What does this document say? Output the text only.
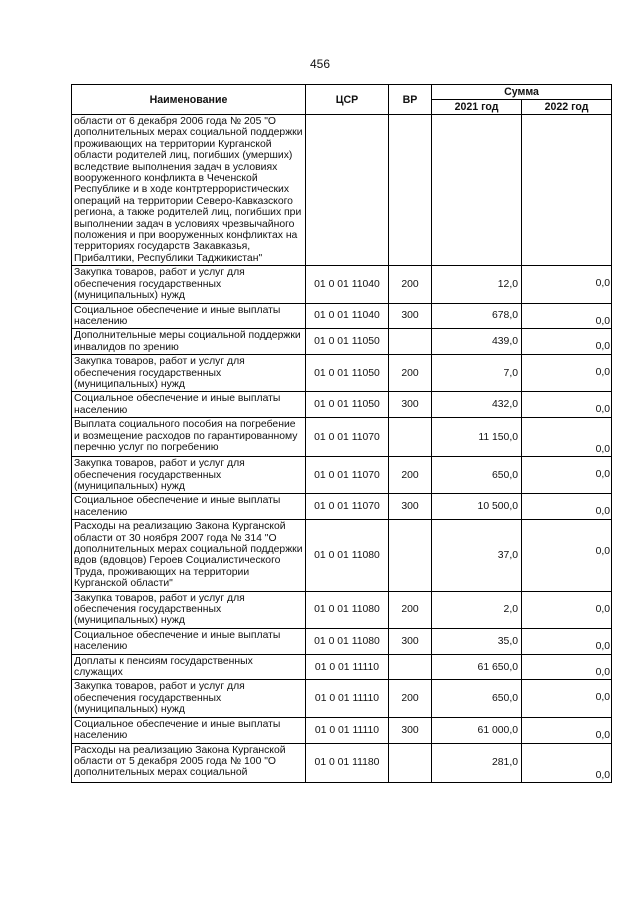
456
Наименование	ЦСР	ВР	Сумма	
			2021 год	2022 год
области от 6 декабря 2006 года № 205 "О дополнительных мерах социальной поддержки проживающих на территории Курганской области родителей лиц, погибших (умерших) вследствие выполнения задач в условиях вооруженного конфликта в Чеченской Республике и в ходе контртеррористических операций на территории Северо-Кавказского региона, а также родителей лиц, погибших при выполнении задач в условиях чрезвычайного положения и при вооруженных конфликтах на территориях государств Закавказья, Прибалтики, Республики Таджикистан"				
Закупка товаров, работ и услуг для обеспечения государственных (муниципальных) нужд	01 0 01 11040	200	12,0	0,0
Социальное обеспечение и иные выплаты населению	01 0 01 11040	300	678,0	0,0
Дополнительные меры социальной поддержки инвалидов по зрению	01 0 01 11050		439,0	0,0
Закупка товаров, работ и услуг для обеспечения государственных (муниципальных) нужд	01 0 01 11050	200	7,0	0,0
Социальное обеспечение и иные выплаты населению	01 0 01 11050	300	432,0	0,0
Выплата социального пособия на погребение и возмещение расходов по гарантированному перечню услуг по погребению	01 0 01 11070		11 150,0	0,0
Закупка товаров, работ и услуг для обеспечения государственных (муниципальных) нужд	01 0 01 11070	200	650,0	0,0
Социальное обеспечение и иные выплаты населению	01 0 01 11070	300	10 500,0	0,0
Расходы на реализацию Закона Курганской области от 30 ноября 2007 года № 314 "О дополнительных мерах социальной поддержки вдов (вдовцов) Героев Социалистического Труда, проживающих на территории Курганской области"	01 0 01 11080		37,0	0,0
Закупка товаров, работ и услуг для обеспечения государственных (муниципальных) нужд	01 0 01 11080	200	2,0	0,0
Социальное обеспечение и иные выплаты населению	01 0 01 11080	300	35,0	0,0
Доплаты к пенсиям государственных служащих	01 0 01 11110		61 650,0	0,0
Закупка товаров, работ и услуг для обеспечения государственных (муниципальных) нужд	01 0 01 11110	200	650,0	0,0
Социальное обеспечение и иные выплаты населению	01 0 01 11110	300	61 000,0	0,0
Расходы на реализацию Закона Курганской области от 5 декабря 2005 года № 100 "О дополнительных мерах социальной	01 0 01 11180		281,0	0,0
